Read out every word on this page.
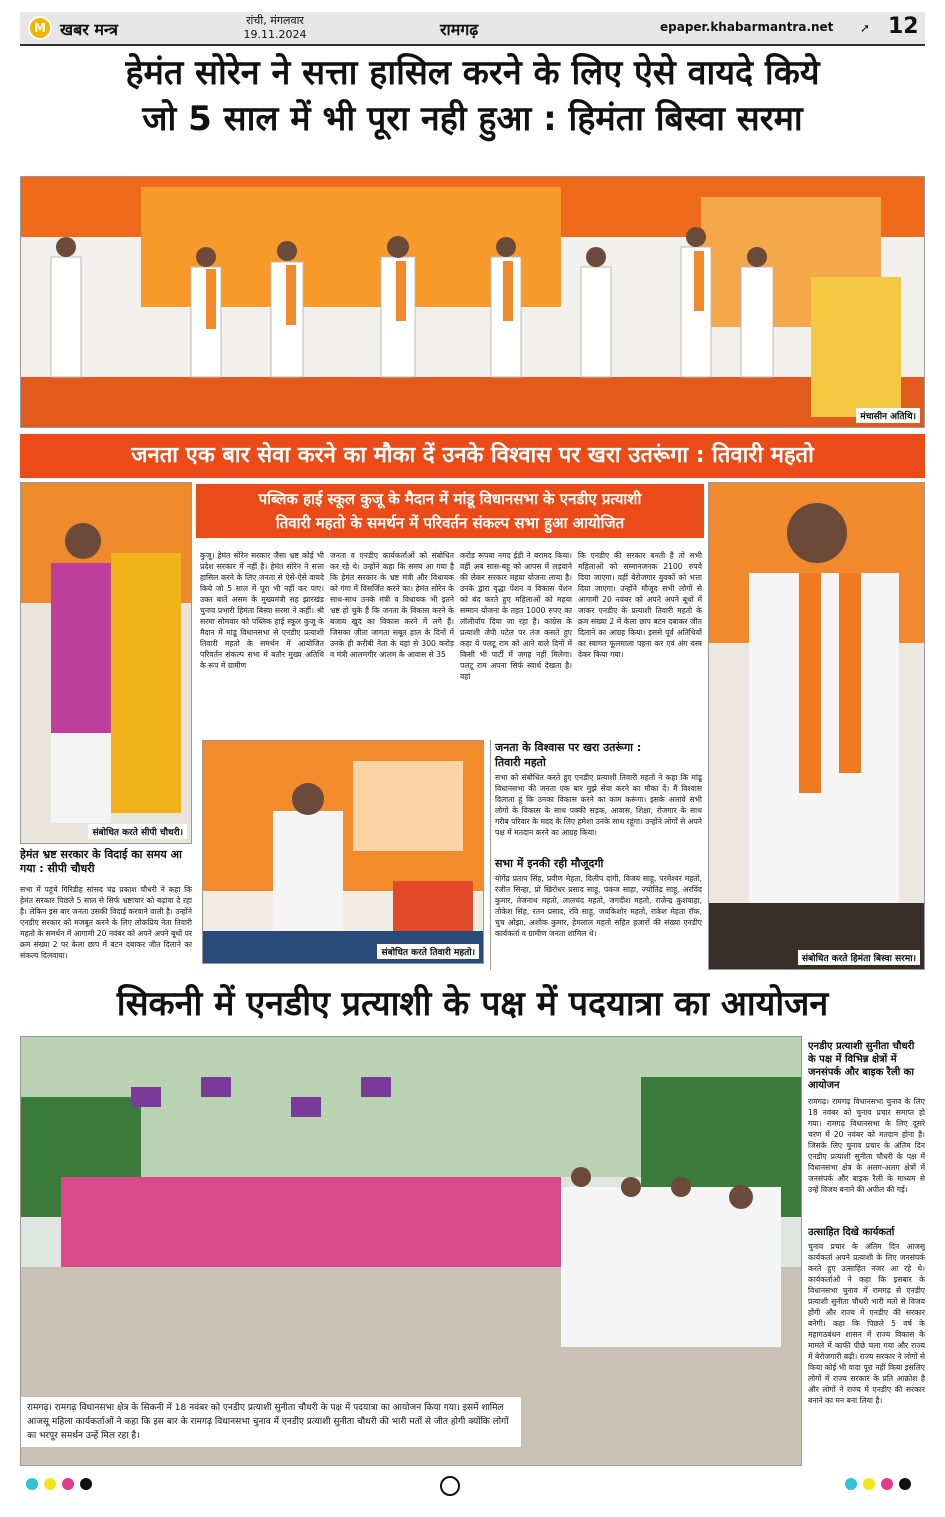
M खबर मन्त्र	रांची, मंगलवार
19.11.2024	रामगढ़	epaper.khabarmantra.net ➚ 12
हेमंत सोरेन ने सत्ता हासिल करने के लिए ऐसे वायदे किये
जो 5 साल में भी पूरा नही हुआ : हिमंता बिस्वा सरमा
मंचासीन अतिथि।
जनता एक बार सेवा करने का मौका दें उनके विश्वास पर खरा उतरूंगा : तिवारी महतो
संबोधित करते सीपी चौधरी।
हेमंत भ्रष्ट सरकार के विदाई का समय आ गया : सीपी चौधरी
सभा में पहुंचे गिरिडीह सांसद चंद्र प्रकाश चौधरी ने कहा कि हेमंत सरकार पिछले 5 साल से सिर्फ भ्रष्टाचार को बढ़ावा दे रहा है। लेकिन इस बार जनता उसकी विदाई करवाने वाली है। उन्होंने एनडीए सरकार को मजबूत करने के लिए लोकप्रिय नेता तिवारी महतो के समर्थन में आगामी 20 नवंबर को अपने अपने बूथों पर क्रम संख्या 2 पर केला छाप में बटन दबाकर जीत दिलाने का संकल्प दिलवाया।
पब्लिक हाई स्कूल कुजू के मैदान में मांडू विधानसभा के एनडीए प्रत्याशी
तिवारी महतो के समर्थन में परिवर्तन संकल्प सभा हुआ आयोजित
कुजू। हेमंत सोरेन सरकार जैसा भ्रष्ट कोई भी प्रदेश सरकार में नहीं है। हेमंत सोरेन ने सत्ता हासिल करने के लिए जनता से ऐसे-ऐसे वायदे किये जो 5 साल में पूरा भी नहीं कर पाए। उक्त बातें असम के मुख्यमंत्री सह झारखंड चुनाव प्रभारी हिमंता बिस्वा सरमा ने कहीं। श्री सरमा सोमवार को पब्लिक हाई स्कूल कुजू के मैदान में मांडू विधानसभा से एनडीए प्रत्याशी तिवारी महतो के समर्थन में आयोजित परिवर्तन संकल्प सभा में बतौर मुख्य अतिथि के रूप में ग्रामीण
जनता व एनडीए कार्यकर्ताओं को संबोधित कर रहे थे। उन्होंने कहा कि समय आ गया है कि हेमंत सरकार के भ्रष्ट मंत्री और विधायक को गंगा में विसर्जित करने का। हेमंत सोरेन के साथ-साथ उनके मंत्री व विधायक भी इतने भ्रष्ट हो चुके हैं कि जनता के विकास करने के बजाय खुद का विकास करने में लगे हैं। जिसका जीता जागता सबूत हाल के दिनों में उनके ही करीबी नेता के यहां से 300 करोड़ व मंत्री आलमगीर आलम के आवास से 35
करोड़ रूपया नगद ईडी ने बरामद किया। वहीं अब सास-बहू को आपस में लड़वाने की लेकर सरकार महया योजना लाया है। उनके द्वारा वृद्धा पेंशन व विकास पेंशन को बंद करते हुए महिलाओं को महया सम्मान योजना के तहत 1000 रुपए का लॉलीपॉप दिया जा रहा है। कांग्रेस के प्रत्याशी जेपी पटेल पर तंज कसते हुए कहा ये पलटू राम को आने वाले दिनों में किसी भी पार्टी में जगह नहीं मिलेगा। पलटू राम अपना सिर्फ स्वार्थ देखता है। वहां
कि एनडीए की सरकार बनती है तो सभी महिलाओं को सम्मानजनक 2100 रुपये दिया जाएगा। वहीं बेरोजगार युवकों को भत्ता दिया जाएगा। उन्होंने मौजूद सभी लोगों से आगामी 20 नवंबर को अपने अपने बूथों में जाकर एनडीए के प्रत्याशी तिवारी महतो के क्रम संख्या 2 में केला छाप बटन दबाकर जीत दिलाने का आग्रह किया। इससे पूर्व अतिथियों का स्वागत फूलमाला पहना कर एवं अंग वस्त्र देकर किया गया।
संबोधित करते तिवारी महतो।
जनता के विश्वास पर खरा उतरूंगा :
तिवारी महतो
सभा को संबोधित करते हुए एनडीए प्रत्याशी तिवारी महतो ने कहा कि मांडू विधानसभा की जनता एक बार मुझे सेवा करने का मौका दें। मैं विश्वास दिलाता हूं कि उनका विकास करने का काम करूंगा। इसके अलावे सभी लोगों के विकास के साथ पक्की सड़क, आवास, शिक्षा, रोजगार के साथ गरीब परिवार के मदद के लिए हमेशा उनके साथ रहूंगा। उन्होंने लोगों से अपने पक्ष में मतदान करने का आग्रह किया।
सभा में इनकी रही मौजूदगी
योगेंद्र प्रताप सिंह, प्रवीण मेहता, दिलीप दांगी, विजय साहू, परमेश्वर महतो, रंजीत सिन्हा, प्रो खिरोधर प्रसाद साहू, पंकज साहा, ज्योतिंद्र साहू, अरविंद कुमार, तेजनाथ महतो, लालचंद महतो, जगदीश महतो, राजेन्द्र कुशवाहा, तोकेश सिंह, रतन प्रसाद, रवि साहू, जयकिशोर महतो, राकेश मेहता रॉक, चुच ओझा, अशोक कुमार, हेमलाल महतो सहित हजारों की संख्या एनडीए कार्यकर्ता व ग्रामीण जनता शामिल थे।
संबोधित करते हिमंता बिस्वा सरमा।
सिकनी में एनडीए प्रत्याशी के पक्ष में पदयात्रा का आयोजन
रामगढ़। रामगढ़ विधानसभा क्षेत्र के सिकनी में 18 नवंबर को एनडीए प्रत्याशी सुनीता चौधरी के पक्ष में पदयात्रा का आयोजन किया गया। इसमें शामिल आजसू महिला कार्यकर्ताओं ने कहा कि इस बार के रामगढ़ विधानसभा चुनाव में एनडीए प्रत्याशी सुनीता चौधरी की भारी मतों से जीत होगी क्योंकि लोगों का भरपूर समर्थन उन्हें मिल रहा है।
एनडीए प्रत्याशी सुनीता चौधरी के पक्ष में विभिन्न क्षेत्रों में जनसंपर्क और बाइक रैली का आयोजन
रामगढ़। रामगढ़ विधानसभा चुनाव के लिए 18 नवंबर को चुनाव प्रचार समाप्त हो गया। रामगढ़ विधानसभा के लिए दूसरे चरण में 20 नवंबर को मतदान होना है। जिसके लिए चुनाव प्रचार के अंतिम दिन एनडीए प्रत्याशी सुनीता चौधरी के पक्ष में विधानसभा क्षेत्र के अलग-अलग क्षेत्रों में जनसंपर्क और बाइक रैली के माध्यम से उन्हें विजय बनाने की अपील की गई।
उत्साहित दिखे कार्यकर्ता
चुनाव प्रचार के अंतिम दिन आजसू कार्यकर्ता अपने प्रत्याशी के लिए जनसंपर्क करते हुए उत्साहित नजर आ रहे थे। कार्यकर्ताओं ने कहा कि इसबार के विधानसभा चुनाव में रामगढ़ से एनडीए प्रत्याशी सुनीता चौधरी भारी मतों से विजय होंगी और राज्य में एनडीए की सरकार बनेगी। कहा कि पिछले 5 वर्ष के महागठबंधन शासन में राज्य विकास के मामले में काफी पीछे चला गया और राज्य में बेरोजगारी बढ़ी। राज्य सरकार ने लोगों से किया कोई भी वादा पूरा नहीं किया इसलिए लोगों में राज्य सरकार के प्रति आक्रोश है और लोगों ने राज्य में एनडीए की सरकार बनाने का मन बना लिया है।
